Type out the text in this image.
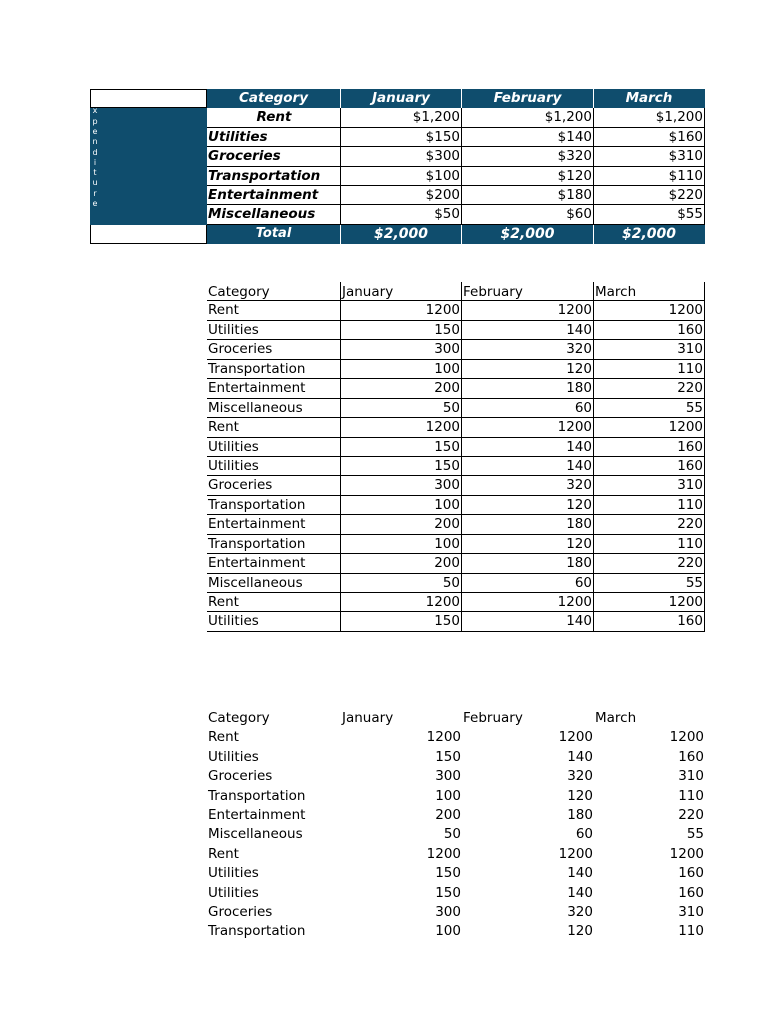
Category	January	February	March
x
p
e
n
d
i
t
u
r
e
Rent	$1,200	$1,200	$1,200
Utilities	$150	$140	$160
Groceries	$300	$320	$310
Transportation	$100	$120	$110
Entertainment	$200	$180	$220
Miscellaneous	$50	$60	$55
Total	$2,000	$2,000	$2,000
Category	January	February	March
Rent	1200	1200	1200
Utilities	150	140	160
Groceries	300	320	310
Transportation	100	120	110
Entertainment	200	180	220
Miscellaneous	50	60	55
Rent	1200	1200	1200
Utilities	150	140	160
Utilities	150	140	160
Groceries	300	320	310
Transportation	100	120	110
Entertainment	200	180	220
Transportation	100	120	110
Entertainment	200	180	220
Miscellaneous	50	60	55
Rent	1200	1200	1200
Utilities	150	140	160
Category	January	February	March
Rent	1200	1200	1200
Utilities	150	140	160
Groceries	300	320	310
Transportation	100	120	110
Entertainment	200	180	220
Miscellaneous	50	60	55
Rent	1200	1200	1200
Utilities	150	140	160
Utilities	150	140	160
Groceries	300	320	310
Transportation	100	120	110
